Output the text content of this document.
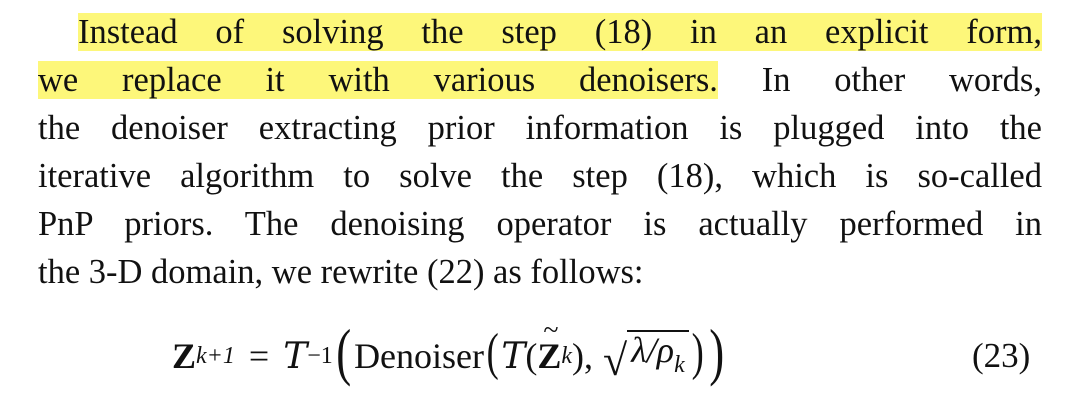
Instead of solving the step (18) in an explicit form,
we replace it with various denoisers. In other words,
the denoiser extracting prior information is plugged into the
iterative algorithm to solve the step (18), which is so-called
PnP priors. The denoising operator is actually performed in
the 3-D domain, we rewrite (22) as follows:
Z k+1 = T −1 ( Denoiser ( T (
~ Z k ) , √ $\lambda/\rho_k$ ) )	(23)
